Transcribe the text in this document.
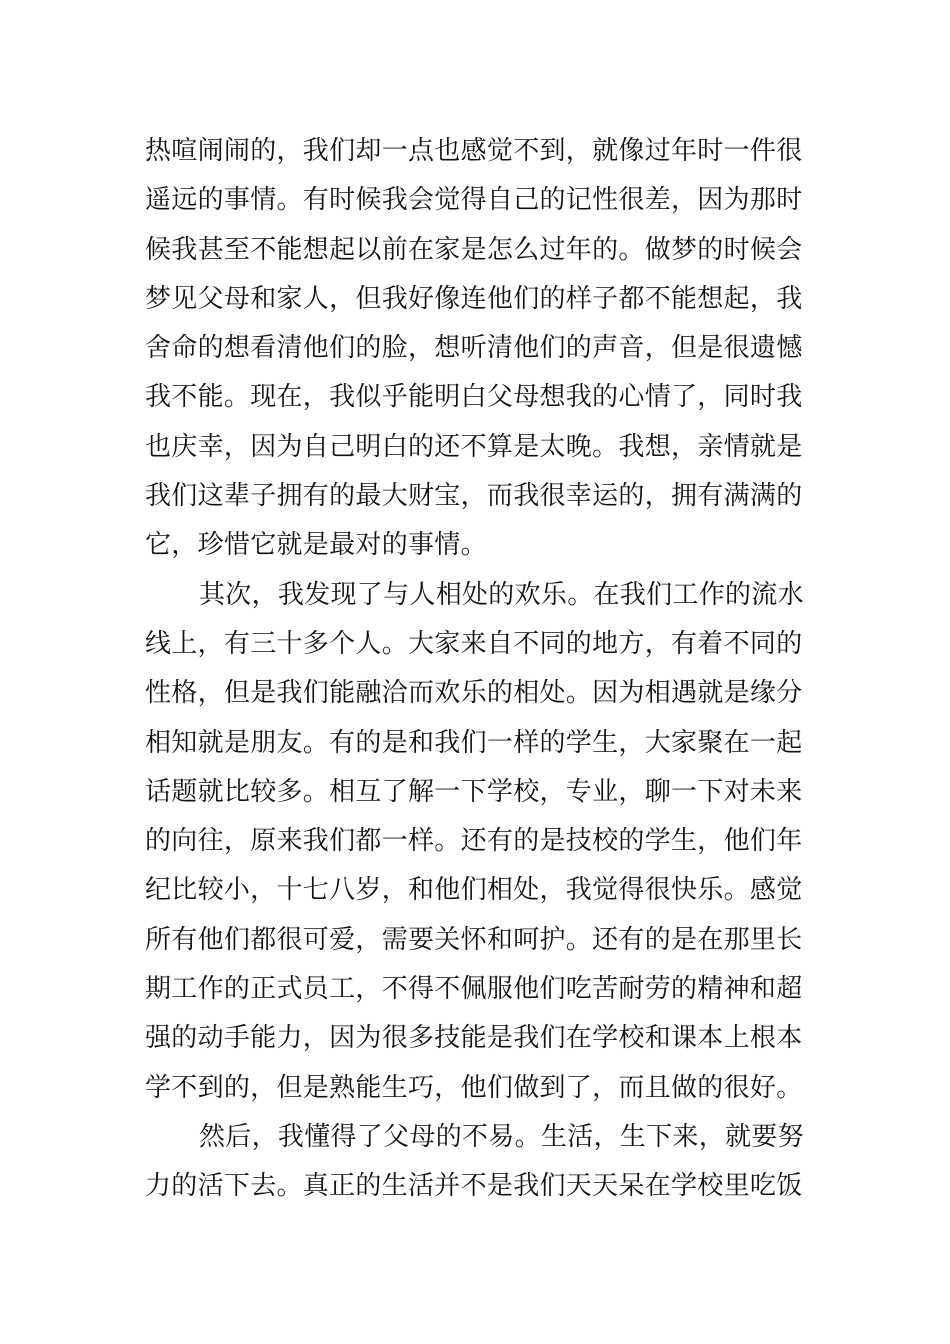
热喧闹闹的，我们却一点也感觉不到，就像过年时一件很
遥远的事情。有时候我会觉得自己的记性很差，因为那时
候我甚至不能想起以前在家是怎么过年的。做梦的时候会
梦见父母和家人，但我好像连他们的样子都不能想起，我
舍命的想看清他们的脸，想听清他们的声音，但是很遗憾
我不能。现在，我似乎能明白父母想我的心情了，同时我
也庆幸，因为自己明白的还不算是太晚。我想，亲情就是
我们这辈子拥有的最大财宝，而我很幸运的，拥有满满的
它，珍惜它就是最对的事情。
其次，我发现了与人相处的欢乐。在我们工作的流水
线上，有三十多个人。大家来自不同的地方，有着不同的
性格，但是我们能融洽而欢乐的相处。因为相遇就是缘分
相知就是朋友。有的是和我们一样的学生，大家聚在一起
话题就比较多。相互了解一下学校，专业，聊一下对未来
的向往，原来我们都一样。还有的是技校的学生，他们年
纪比较小，十七八岁，和他们相处，我觉得很快乐。感觉
所有他们都很可爱，需要关怀和呵护。还有的是在那里长
期工作的正式员工，不得不佩服他们吃苦耐劳的精神和超
强的动手能力，因为很多技能是我们在学校和课本上根本
学不到的，但是熟能生巧，他们做到了，而且做的很好。
然后，我懂得了父母的不易。生活，生下来，就要努
力的活下去。真正的生活并不是我们天天呆在学校里吃饭
